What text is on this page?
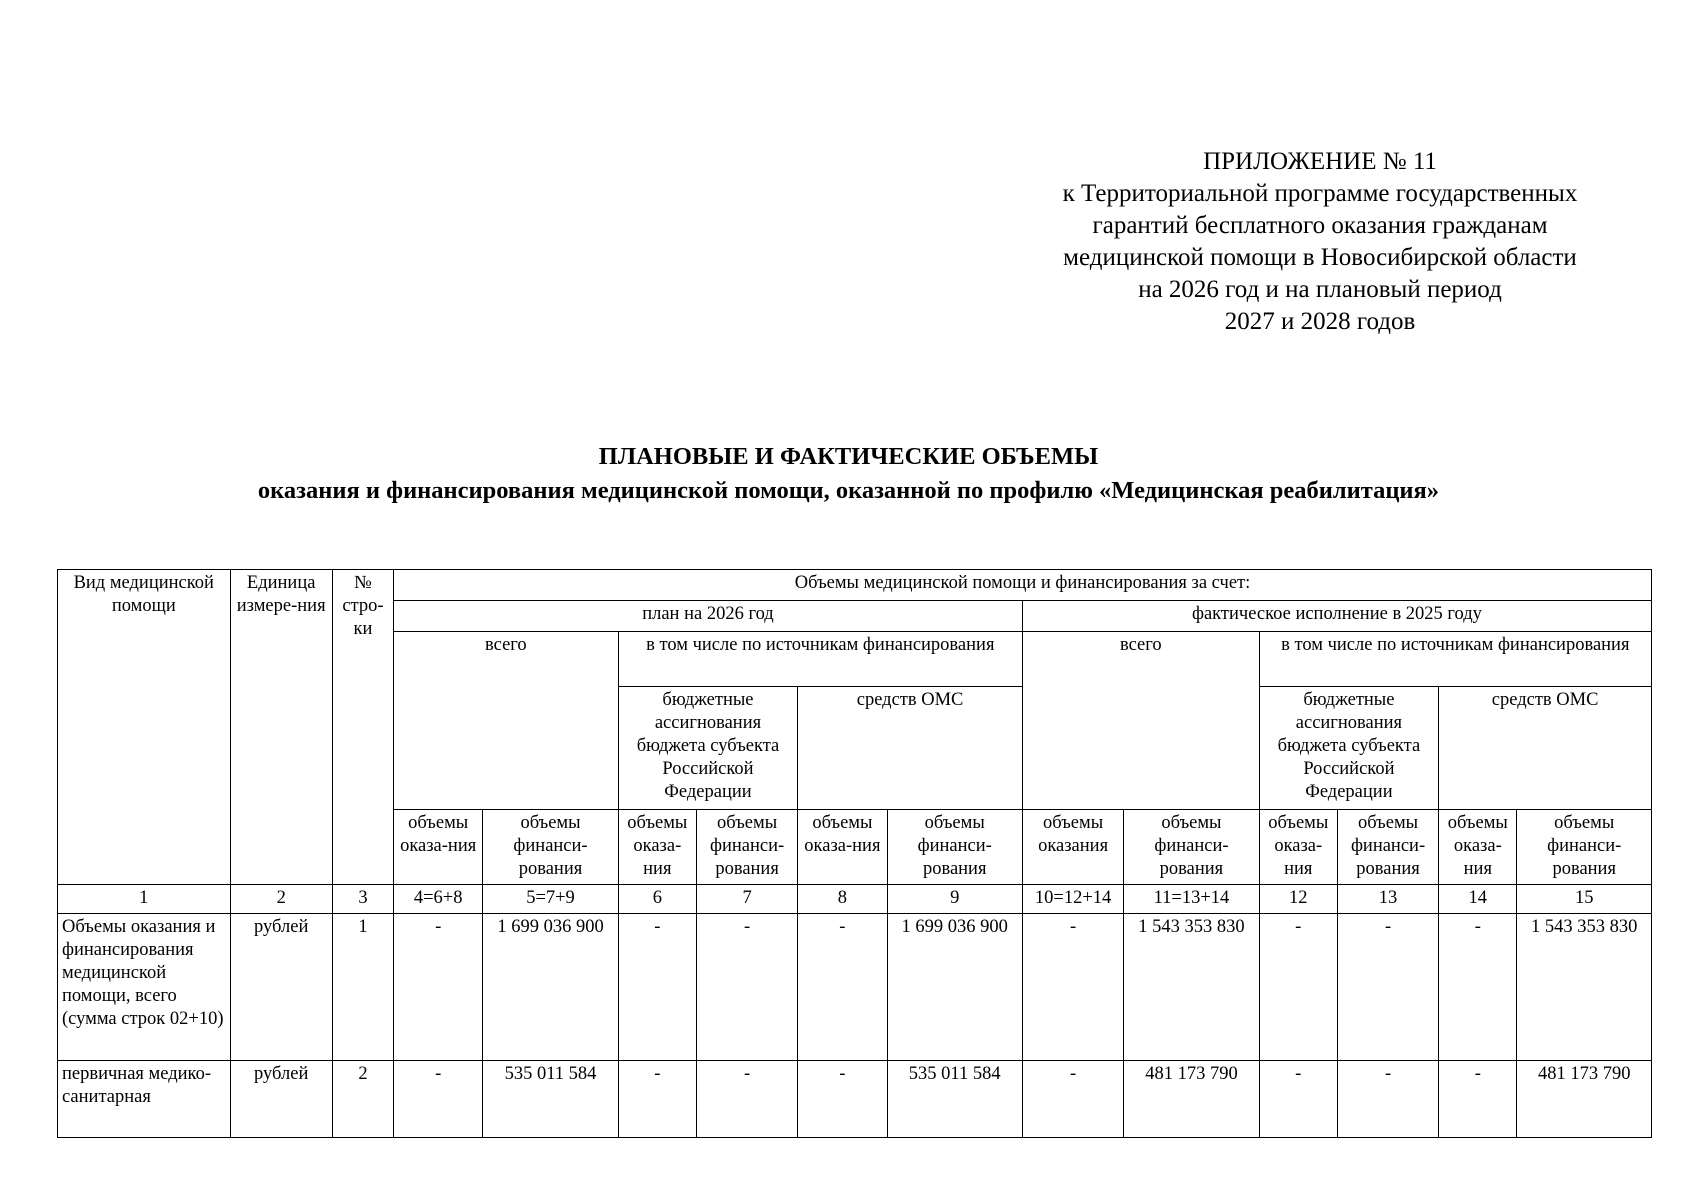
ПРИЛОЖЕНИЕ № 11
к Территориальной программе государственных
гарантий бесплатного оказания гражданам
медицинской помощи в Новосибирской области
на 2026 год и на плановый период
2027 и 2028 годов
ПЛАНОВЫЕ И ФАКТИЧЕСКИЕ ОБЪЕМЫ
оказания и финансирования медицинской помощи, оказанной по профилю «Медицинская реабилитация»
Вид медицинской помощи	Единица измере-ния	№ стро-ки	Объемы медицинской помощи и финансирования за счет:											
			план на 2026 год						фактическое исполнение в 2025 году					
			всего		в том числе по источникам финансирования				всего		в том числе по источникам финансирования			
					бюджетные ассигнования бюджета субъекта Российской Федерации		средств ОМС				бюджетные ассигнования бюджета субъекта Российской Федерации		средств ОМС	
			объемы оказа-ния	объемы финанси-рования	объемы оказа-ния	объемы финанси-рования	объемы оказа-ния	объемы финанси-рования	объемы оказания	объемы финанси-рования	объемы оказа-ния	объемы финанси-рования	объемы оказа-ния	объемы финанси-рования
1	2	3	4=6+8	5=7+9	6	7	8	9	10=12+14	11=13+14	12	13	14	15
Объемы оказания и финансирования медицинской помощи, всего (сумма строк 02+10)	рублей	1	-	1 699 036 900	-	-	-	1 699 036 900	-	1 543 353 830	-	-	-	1 543 353 830
первичная медико-санитарная	рублей	2	-	535 011 584	-	-	-	535 011 584	-	481 173 790	-	-	-	481 173 790
